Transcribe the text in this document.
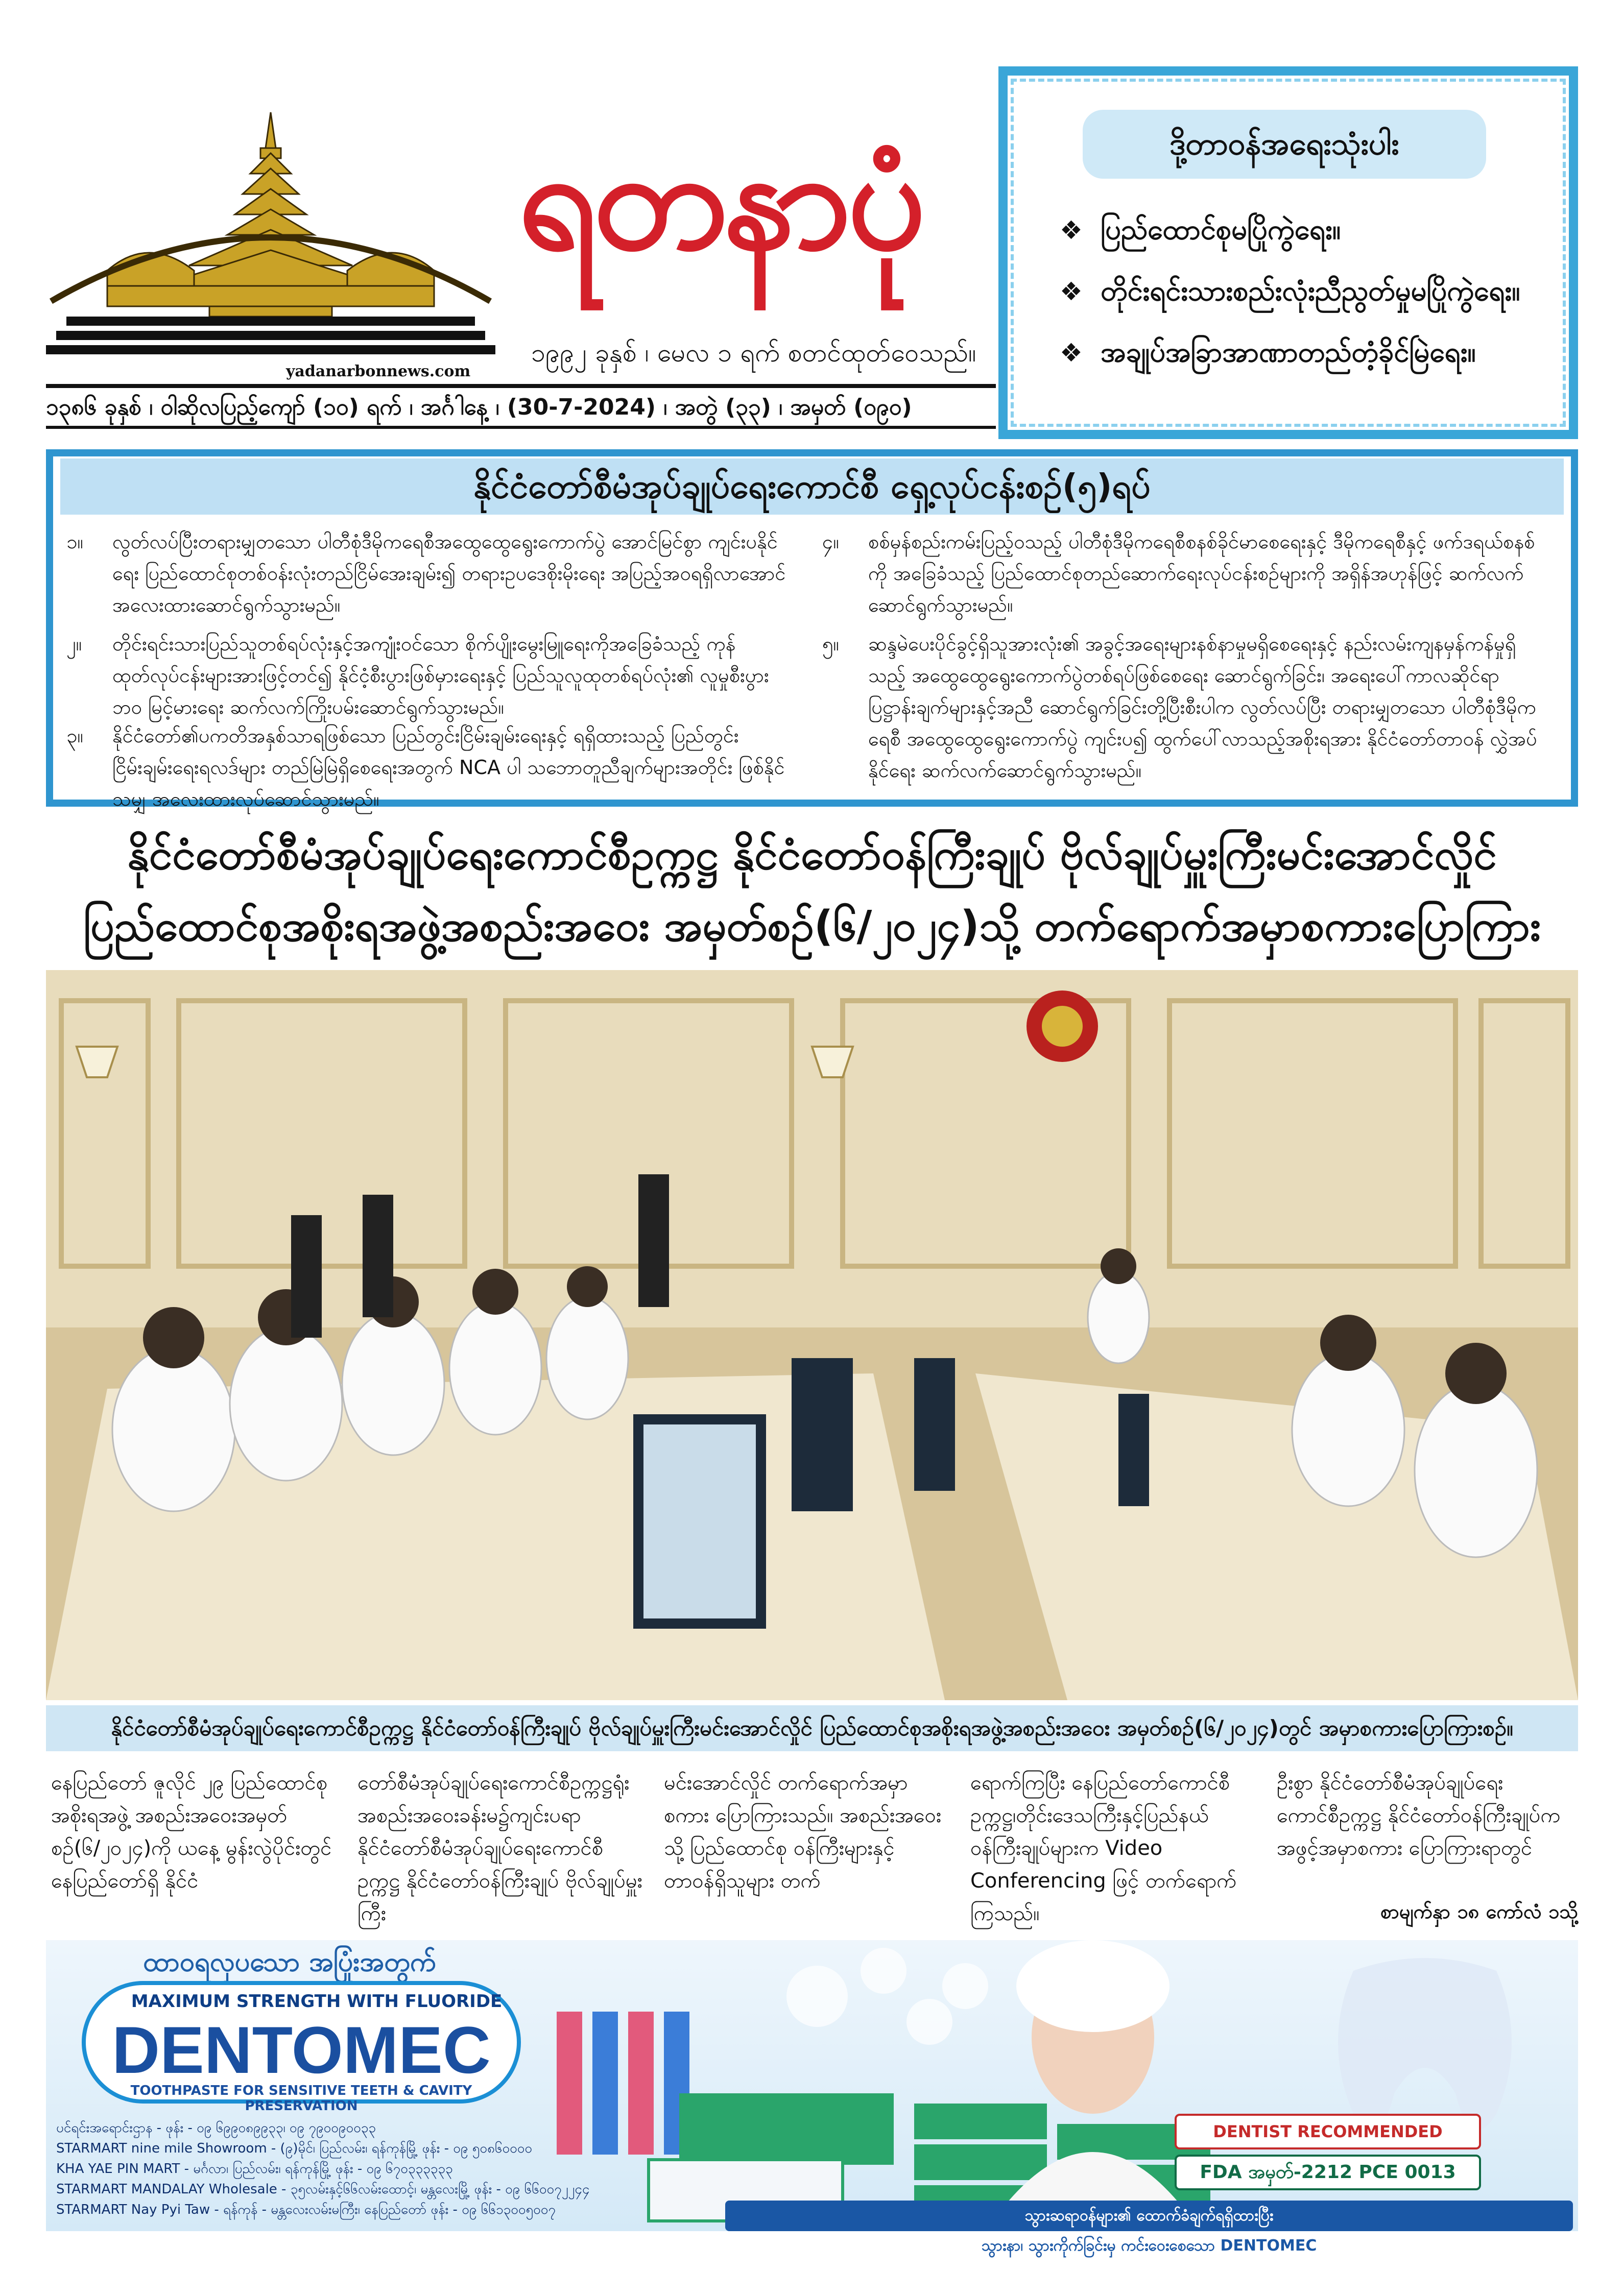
yadanarbonnews.com
ရတနာပုံ
၁၉၉၂ ခုနှစ် ၊ မေလ ၁ ရက် စတင်ထုတ်ဝေသည်။
၁၃၈၆ ခုနှစ် ၊ ဝါဆိုလပြည့်ကျော် (၁၀) ရက် ၊ အင်္ဂါနေ့ ၊ (30-7-2024) ၊ အတွဲ (၃၃) ၊ အမှတ် (၀၉၀)
ဒို့တာဝန်အရေးသုံးပါး
❖ ပြည်ထောင်စုမပြိုကွဲရေး။
❖ တိုင်းရင်းသားစည်းလုံးညီညွတ်မှုမပြိုကွဲရေး။
❖ အချုပ်အခြာအာဏာတည်တံ့ခိုင်မြဲရေး။
နိုင်ငံတော်စီမံအုပ်ချုပ်ရေးကောင်စီ ရှေ့လုပ်ငန်းစဉ်(၅)ရပ်
၁။ လွတ်လပ်ပြီးတရားမျှတသော ပါတီစုံဒီမိုကရေစီအထွေထွေရွေးကောက်ပွဲ အောင်မြင်စွာ ကျင်းပနိုင်ရေး ပြည်ထောင်စုတစ်ဝန်းလုံးတည်ငြိမ်အေးချမ်း၍ တရားဥပဒေစိုးမိုးရေး အပြည့်အဝရရှိလာအောင် အလေးထားဆောင်ရွက်သွားမည်။
၂။ တိုင်းရင်းသားပြည်သူတစ်ရပ်လုံးနှင့်အကျုံးဝင်သော စိုက်ပျိုးမွေးမြူရေးကိုအခြေခံသည့် ကုန်ထုတ်လုပ်ငန်းများအားဖြင့်တင်၍ နိုင်ငံ့စီးပွားဖြစ်မှားရေးနှင့် ပြည်သူလူထုတစ်ရပ်လုံး၏ လူမှုစီးပွားဘဝ မြင့်မားရေး ဆက်လက်ကြိုးပမ်းဆောင်ရွက်သွားမည်။
၃။ နိုင်ငံတော်၏ပကတိအနှစ်သာရဖြစ်သော ပြည်တွင်းငြိမ်းချမ်းရေးနှင့် ရရှိထားသည့် ပြည်တွင်းငြိမ်းချမ်းရေးရလဒ်များ တည်မြဲမြဲရှိစေရေးအတွက် NCA ပါ သဘောတူညီချက်များအတိုင်း ဖြစ်နိုင်သမျှ အလေးထားလုပ်ဆောင်သွားမည်။
၄။ စစ်မှန်စည်းကမ်းပြည့်ဝသည့် ပါတီစုံဒီမိုကရေစီစနစ်ခိုင်မာစေရေးနှင့် ဒီမိုကရေစီနှင့် ဖက်ဒရယ်စနစ်ကို အခြေခံသည့် ပြည်ထောင်စုတည်ဆောက်ရေးလုပ်ငန်းစဉ်များကို အရှိန်အဟုန်ဖြင့် ဆက်လက်ဆောင်ရွက်သွားမည်။
၅။ ဆန္ဒမဲပေးပိုင်ခွင့်ရှိသူအားလုံး၏ အခွင့်အရေးများနစ်နာမှုမရှိစေရေးနှင့် နည်းလမ်းကျနမှန်ကန်မှုရှိသည့် အထွေထွေရွေးကောက်ပွဲတစ်ရပ်ဖြစ်စေရေး ဆောင်ရွက်ခြင်း၊ အရေးပေါ်ကာလဆိုင်ရာ ပြဋ္ဌာန်းချက်များနှင့်အညီ ဆောင်ရွက်ခြင်းတို့ပြီးစီးပါက လွတ်လပ်ပြီး တရားမျှတသော ပါတီစုံဒီမိုကရေစီ အထွေထွေရွေးကောက်ပွဲ ကျင်းပ၍ ထွက်ပေါ်လာသည့်အစိုးရအား နိုင်ငံတော်တာဝန် လွှဲအပ်နိုင်ရေး ဆက်လက်ဆောင်ရွက်သွားမည်။
နိုင်ငံတော်စီမံအုပ်ချုပ်ရေးကောင်စီဥက္ကဋ္ဌ နိုင်ငံတော်ဝန်ကြီးချုပ် ဗိုလ်ချုပ်မှူးကြီးမင်းအောင်လှိုင်
ပြည်ထောင်စုအစိုးရအဖွဲ့အစည်းအဝေး အမှတ်စဉ်(၆/၂၀၂၄)သို့ တက်ရောက်အမှာစကားပြောကြား
နိုင်ငံတော်စီမံအုပ်ချုပ်ရေးကောင်စီဥက္ကဋ္ဌ နိုင်ငံတော်ဝန်ကြီးချုပ် ဗိုလ်ချုပ်မှူးကြီးမင်းအောင်လှိုင် ပြည်ထောင်စုအစိုးရအဖွဲ့အစည်းအဝေး အမှတ်စဉ်(၆/၂၀၂၄)တွင် အမှာစကားပြောကြားစဉ်။
နေပြည်တော် ဇူလိုင် ၂၉ ပြည်ထောင်စုအစိုးရအဖွဲ့ အစည်းအဝေးအမှတ်စဉ်(၆/၂၀၂၄)ကို ယနေ့ မွန်းလွဲပိုင်းတွင် နေပြည်တော်ရှိ နိုင်ငံ
တော်စီမံအုပ်ချုပ်ရေးကောင်စီဥက္ကဋ္ဌရုံး အစည်းအဝေးခန်းမ၌ကျင်းပရာ နိုင်ငံတော်စီမံအုပ်ချုပ်ရေးကောင်စီ ဥက္ကဋ္ဌ နိုင်ငံတော်ဝန်ကြီးချုပ် ဗိုလ်ချုပ်မှူးကြီး
မင်းအောင်လှိုင် တက်ရောက်အမှာစကား ပြောကြားသည်။ အစည်းအဝေးသို့ ပြည်ထောင်စု ဝန်ကြီးများနှင့် တာဝန်ရှိသူများ တက်
ရောက်ကြပြီး နေပြည်တော်ကောင်စီ ဥက္ကဋ္ဌ၊တိုင်းဒေသကြီးနှင့်ပြည်နယ်ဝန်ကြီးချုပ်များက Video Conferencing ဖြင့် တက်ရောက်ကြသည်။
ဦးစွာ နိုင်ငံတော်စီမံအုပ်ချုပ်ရေးကောင်စီဥက္ကဋ္ဌ နိုင်ငံတော်ဝန်ကြီးချုပ်က အဖွင့်အမှာစကား ပြောကြားရာတွင်
စာမျက်နှာ ၁၈ ကော်လံ ၁သို့
ထာဝရလှပသော အပြုံးအတွက်
MAXIMUM STRENGTH WITH FLUORIDE
DENTOMEC
TOOTHPASTE FOR SENSITIVE TEETH & CAVITY PRESERVATION
ပင်ရင်းအရောင်းဌာန - ဖုန်း - ၀၉ ၆၉၉၀၈၉၉၃၃၊ ၀၉ ၇၉၀၀၉၀၀၃၃
STARMART nine mile Showroom - (၉)မိုင်၊ ပြည်လမ်း၊ ရန်ကုန်မြို့ ဖုန်း - ၀၉ ၅၀၈၆၀၀၀၀
KHA YAE PIN MART - မင်္ဂလာ၊ ပြည်လမ်း၊ ရန်ကုန်မြို့ ဖုန်း - ၀၉ ၆၇၀၃၃၃၃၃၃
STARMART MANDALAY Wholesale - ၃၅လမ်းနှင့်၆၆လမ်းထောင့်၊ မန္တလေးမြို့ ဖုန်း - ၀၉ ၆၆၀၀၇၂၂၄၄
STARMART Nay Pyi Taw - ရန်ကုန် - မန္တလေးလမ်းမကြီး၊ နေပြည်တော် ဖုန်း - ၀၉ ၆၆၁၃၀၀၅၀၀၇
DENTIST RECOMMENDED
FDA အမှတ်-2212 PCE 0013
သွားဆရာဝန်များ၏ ထောက်ခံချက်ရရှိထားပြီး
သွားနာ၊ သွားကိုက်ခြင်းမှ ကင်းဝေးစေသော DENTOMEC
